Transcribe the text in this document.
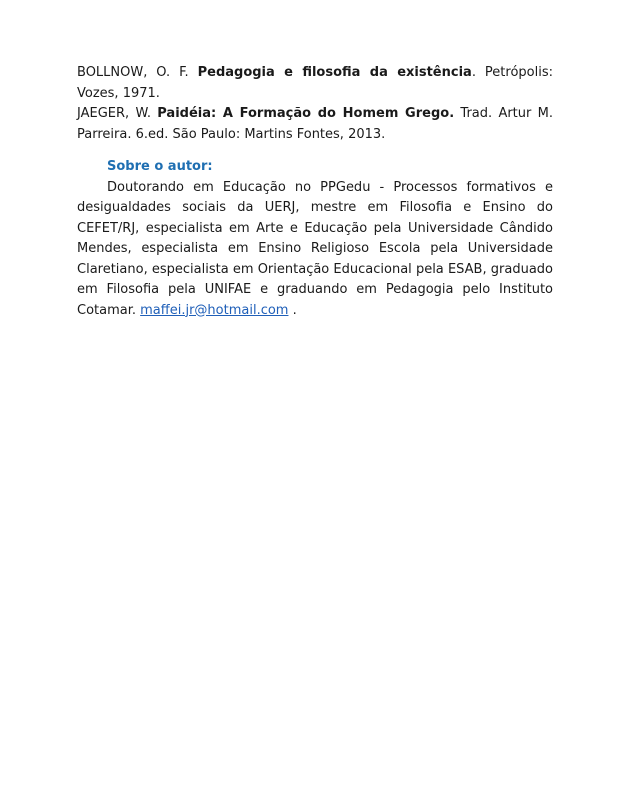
BOLLNOW, O. F. Pedagogia e filosofia da existência. Petrópolis: Vozes, 1971.

JAEGER, W. Paidéia: A Formação do Homem Grego. Trad. Artur M. Parreira. 6.ed. São Paulo: Martins Fontes, 2013.

Sobre o autor:

Doutorando em Educação no PPGedu - Processos formativos e desigualdades sociais da UERJ, mestre em Filosofia e Ensino do CEFET/RJ, especialista em Arte e Educação pela Universidade Cândido Mendes, especialista em Ensino Religioso Escola pela Universidade Claretiano, especialista em Orientação Educacional pela ESAB, graduado em Filosofia pela UNIFAE e graduando em Pedagogia pelo Instituto Cotamar. maffei.jr@hotmail.com .
